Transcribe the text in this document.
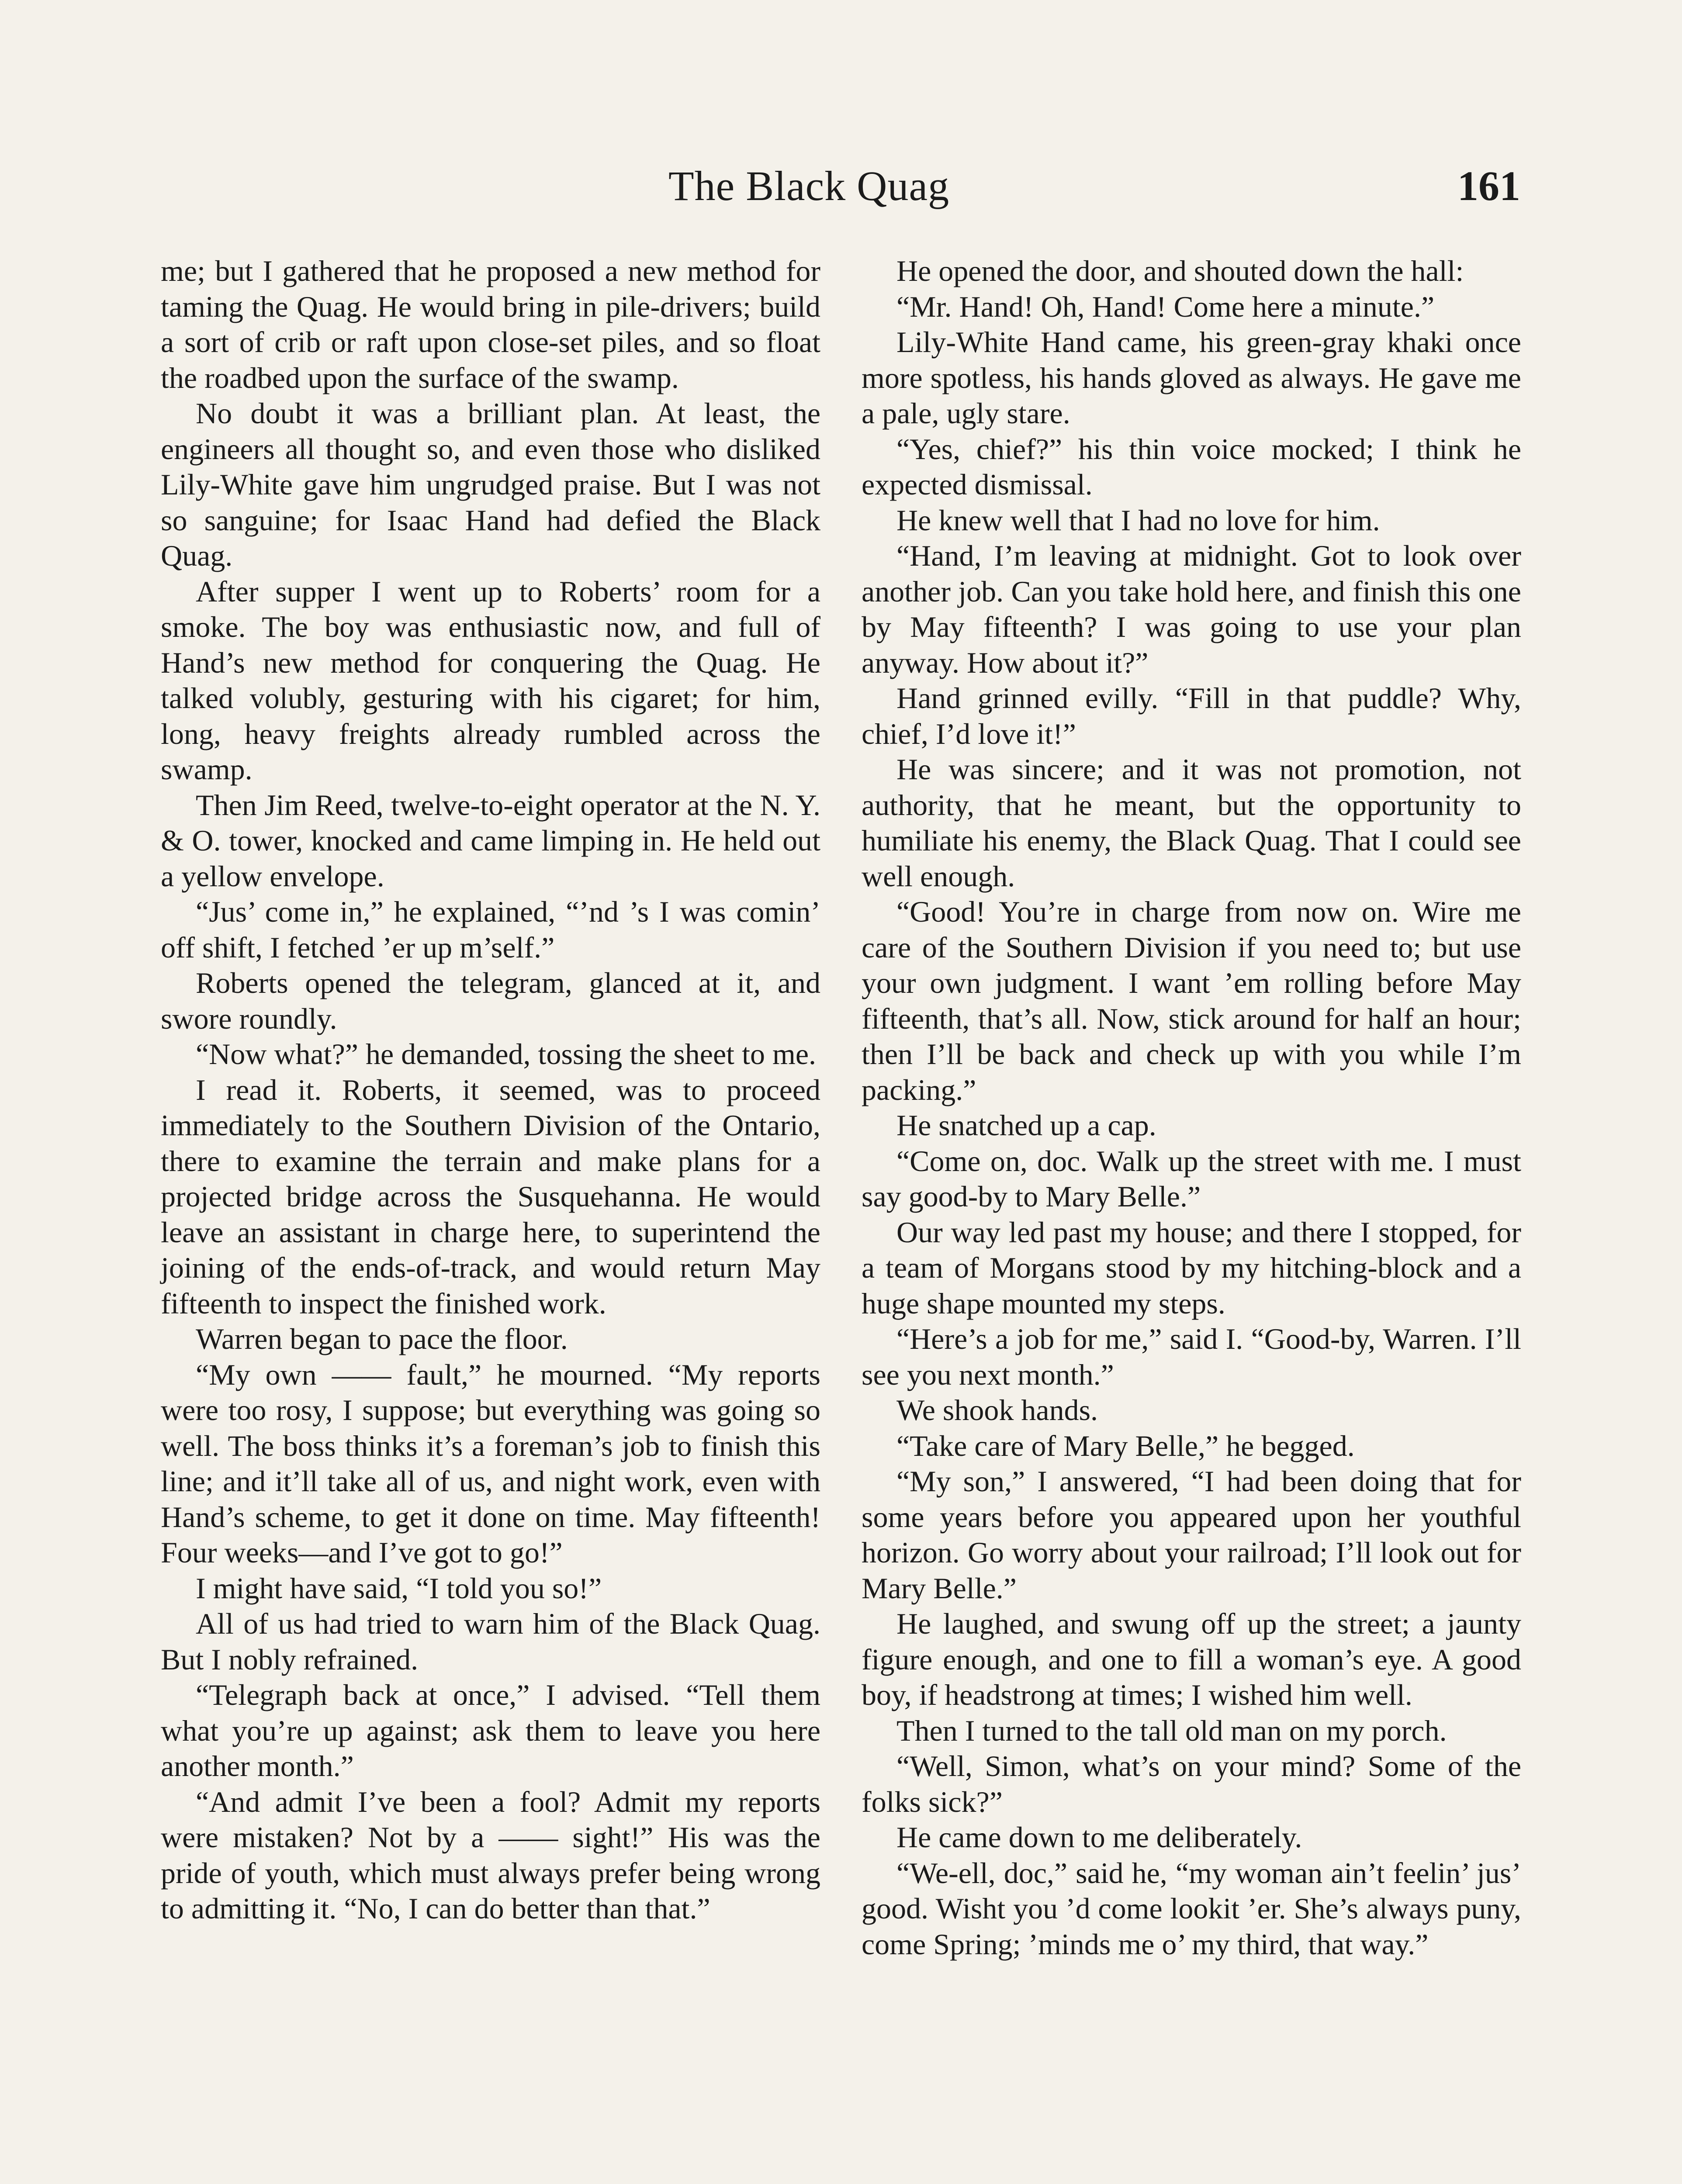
The Black Quag	161

me; but I gathered that he proposed a new method for taming the Quag. He would bring in pile-drivers; build a sort of crib or raft upon close-set piles, and so float the roadbed upon the surface of the swamp.

No doubt it was a brilliant plan. At least, the engineers all thought so, and even those who disliked Lily-White gave him ungrudged praise. But I was not so sanguine; for Isaac Hand had defied the Black Quag.

After supper I went up to Roberts’ room for a smoke. The boy was enthusiastic now, and full of Hand’s new method for conquering the Quag. He talked volubly, gesturing with his cigaret; for him, long, heavy freights already rumbled across the swamp.

Then Jim Reed, twelve-to-eight operator at the N. Y. & O. tower, knocked and came limping in. He held out a yellow envelope.

“Jus’ come in,” he explained, “’nd ’s I was comin’ off shift, I fetched ’er up m’self.”

Roberts opened the telegram, glanced at it, and swore roundly.

“Now what?” he demanded, tossing the sheet to me.

I read it. Roberts, it seemed, was to proceed immediately to the Southern Division of the Ontario, there to examine the terrain and make plans for a projected bridge across the Susquehanna. He would leave an assistant in charge here, to superintend the joining of the ends-of-track, and would return May fifteenth to inspect the finished work.

Warren began to pace the floor.

“My own —— fault,” he mourned. “My reports were too rosy, I suppose; but everything was going so well. The boss thinks it’s a foreman’s job to finish this line; and it’ll take all of us, and night work, even with Hand’s scheme, to get it done on time. May fifteenth! Four weeks—and I’ve got to go!”

I might have said, “I told you so!”

All of us had tried to warn him of the Black Quag. But I nobly refrained.

“Telegraph back at once,” I advised. “Tell them what you’re up against; ask them to leave you here another month.”

“And admit I’ve been a fool? Admit my reports were mistaken? Not by a —— sight!” His was the pride of youth, which must always prefer being wrong to admitting it. “No, I can do better than that.”

He opened the door, and shouted down the hall:

“Mr. Hand! Oh, Hand! Come here a minute.”

Lily-White Hand came, his green-gray khaki once more spotless, his hands gloved as always. He gave me a pale, ugly stare.

“Yes, chief?” his thin voice mocked; I think he expected dismissal.

He knew well that I had no love for him.

“Hand, I’m leaving at midnight. Got to look over another job. Can you take hold here, and finish this one by May fifteenth? I was going to use your plan anyway. How about it?”

Hand grinned evilly. “Fill in that puddle? Why, chief, I’d love it!”

He was sincere; and it was not promotion, not authority, that he meant, but the opportunity to humiliate his enemy, the Black Quag. That I could see well enough.

“Good! You’re in charge from now on. Wire me care of the Southern Division if you need to; but use your own judgment. I want ’em rolling before May fifteenth, that’s all. Now, stick around for half an hour; then I’ll be back and check up with you while I’m packing.”

He snatched up a cap.

“Come on, doc. Walk up the street with me. I must say good-by to Mary Belle.”

Our way led past my house; and there I stopped, for a team of Morgans stood by my hitching-block and a huge shape mounted my steps.

“Here’s a job for me,” said I. “Good-by, Warren. I’ll see you next month.”

We shook hands.

“Take care of Mary Belle,” he begged.

“My son,” I answered, “I had been doing that for some years before you appeared upon her youthful horizon. Go worry about your railroad; I’ll look out for Mary Belle.”

He laughed, and swung off up the street; a jaunty figure enough, and one to fill a woman’s eye. A good boy, if headstrong at times; I wished him well.

Then I turned to the tall old man on my porch.

“Well, Simon, what’s on your mind? Some of the folks sick?”

He came down to me deliberately.

“We-ell, doc,” said he, “my woman ain’t feelin’ jus’ good. Wisht you ’d come lookit ’er. She’s always puny, come Spring; ’minds me o’ my third, that way.”
